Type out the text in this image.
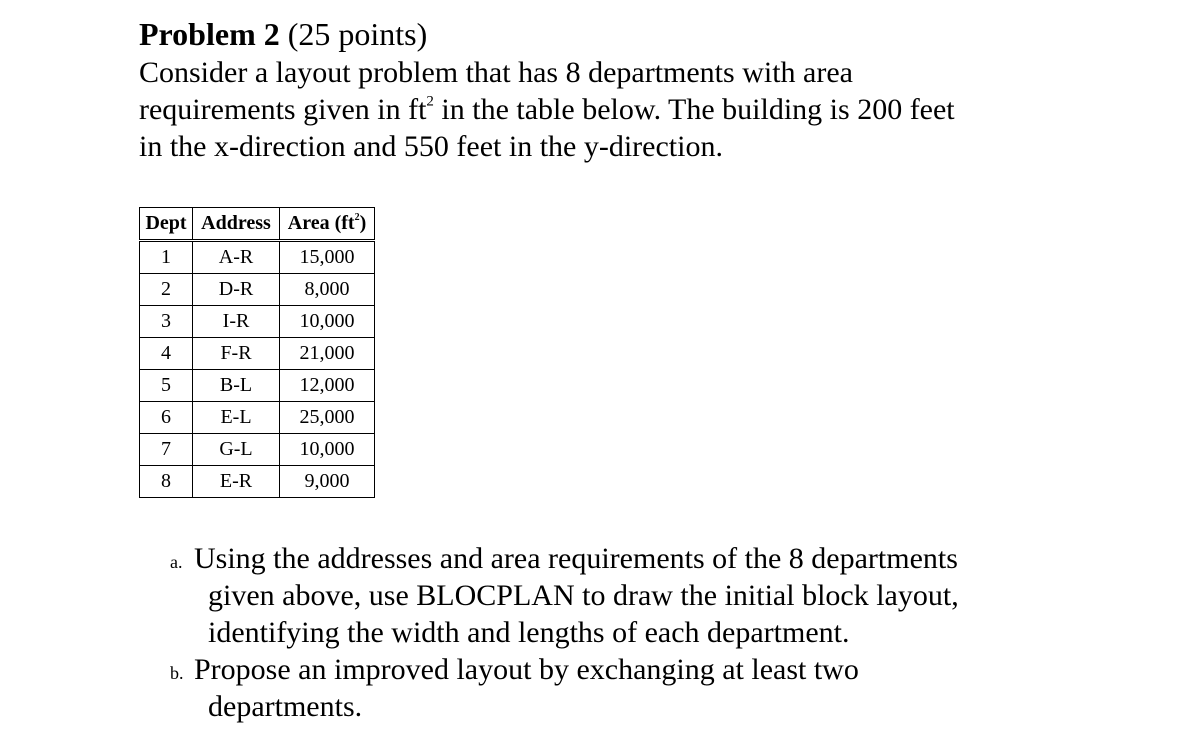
Problem 2 (25 points)
Consider a layout problem that has 8 departments with area
requirements given in $ft^2$ in the table below. The building is 200 feet
in the x-direction and 550 feet in the y-direction.
Dept	Address	Area $(ft^2)$
1	A-R	15,000
2	D-R	8,000
3	I-R	10,000
4	F-R	21,000
5	B-L	12,000
6	E-L	25,000
7	G-L	10,000
8	E-R	9,000
a. Using the addresses and area requirements of the 8 departments
given above, use BLOCPLAN to draw the initial block layout,
identifying the width and lengths of each department.
b. Propose an improved layout by exchanging at least two
departments.
